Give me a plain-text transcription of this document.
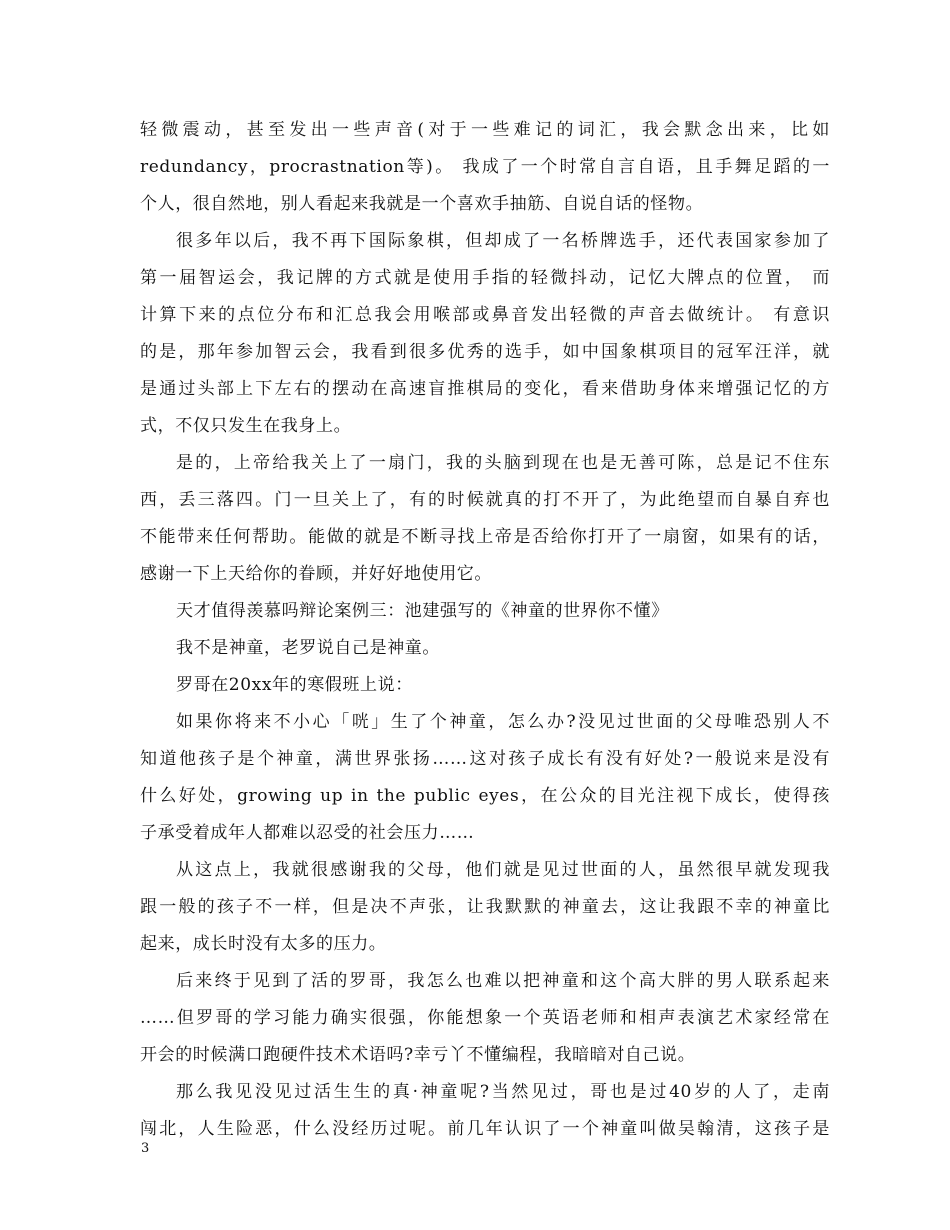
轻微震动，甚至发出一些声音(对于一些难记的词汇，我会默念出来，比如
redundancy，procrastnation等)。 我成了一个时常自言自语，且手舞足蹈的一
个人，很自然地，别人看起来我就是一个喜欢手抽筋、自说自话的怪物。
很多年以后，我不再下国际象棋，但却成了一名桥牌选手，还代表国家参加了
第一届智运会，我记牌的方式就是使用手指的轻微抖动，记忆大牌点的位置， 而
计算下来的点位分布和汇总我会用喉部或鼻音发出轻微的声音去做统计。 有意识
的是，那年参加智云会，我看到很多优秀的选手，如中国象棋项目的冠军汪洋，就
是通过头部上下左右的摆动在高速盲推棋局的变化，看来借助身体来增强记忆的方
式，不仅只发生在我身上。
是的，上帝给我关上了一扇门，我的头脑到现在也是无善可陈，总是记不住东
西，丢三落四。门一旦关上了，有的时候就真的打不开了，为此绝望而自暴自弃也
不能带来任何帮助。能做的就是不断寻找上帝是否给你打开了一扇窗，如果有的话，
感谢一下上天给你的眷顾，并好好地使用它。
天才值得羡慕吗辩论案例三：池建强写的《神童的世界你不懂》
我不是神童，老罗说自己是神童。
罗哥在20xx年的寒假班上说：
如果你将来不小心「咣」生了个神童，怎么办?没见过世面的父母唯恐别人不
知道他孩子是个神童，满世界张扬……这对孩子成长有没有好处?一般说来是没有
什么好处，growing up in the public eyes，在公众的目光注视下成长，使得孩
子承受着成年人都难以忍受的社会压力……
从这点上，我就很感谢我的父母，他们就是见过世面的人，虽然很早就发现我
跟一般的孩子不一样，但是决不声张，让我默默的神童去，这让我跟不幸的神童比
起来，成长时没有太多的压力。
后来终于见到了活的罗哥，我怎么也难以把神童和这个高大胖的男人联系起来
……但罗哥的学习能力确实很强，你能想象一个英语老师和相声表演艺术家经常在
开会的时候满口跑硬件技术术语吗?幸亏丫不懂编程，我暗暗对自己说。
那么我见没见过活生生的真·神童呢?当然见过，哥也是过40岁的人了，走南
闯北，人生险恶，什么没经历过呢。前几年认识了一个神童叫做吴翰清，这孩子是
3
